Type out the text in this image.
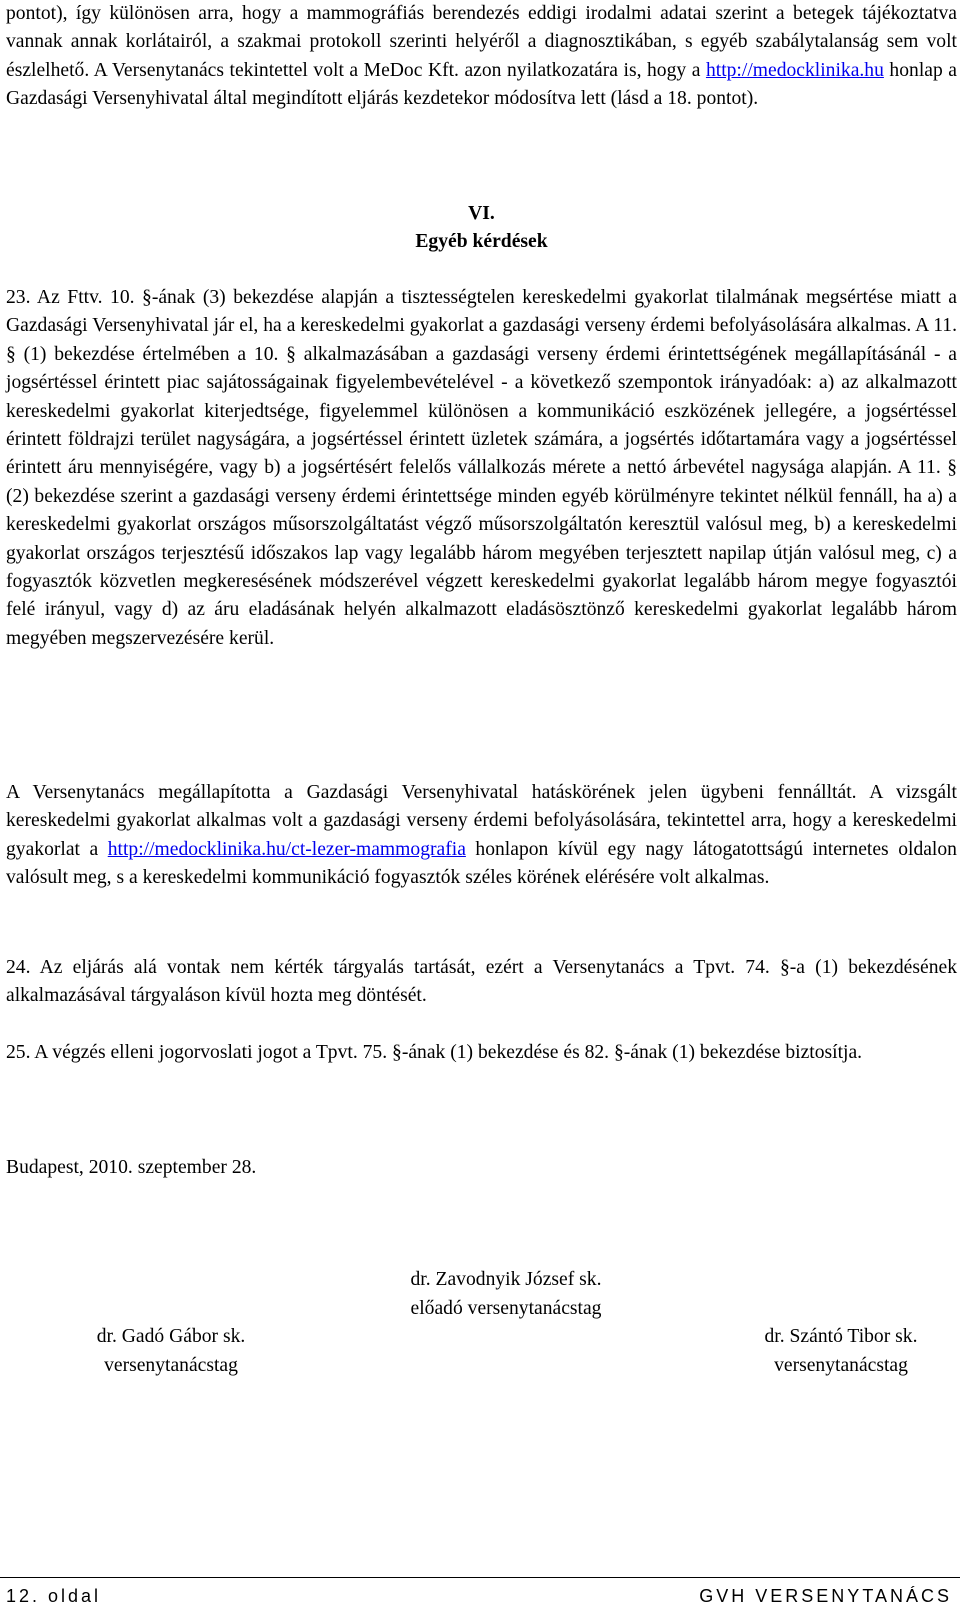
pontot), így különösen arra, hogy a mammográfiás berendezés eddigi irodalmi adatai szerint a betegek tájékoztatva vannak annak korlátairól, a szakmai protokoll szerinti helyéről a diagnosztikában, s egyéb szabálytalanság sem volt észlelhető. A Versenytanács tekintettel volt a MeDoc Kft. azon nyilatkozatára is, hogy a http://medocklinika.hu honlap a Gazdasági Versenyhivatal által megindított eljárás kezdetekor módosítva lett (lásd a 18. pontot).

VI.
Egyéb kérdések

23. Az Fttv. 10. §-ának (3) bekezdése alapján a tisztességtelen kereskedelmi gyakorlat tilalmának megsértése miatt a Gazdasági Versenyhivatal jár el, ha a kereskedelmi gyakorlat a gazdasági verseny érdemi befolyásolására alkalmas. A 11. § (1) bekezdése értelmében a 10. § alkalmazásában a gazdasági verseny érdemi érintettségének megállapításánál - a jogsértéssel érintett piac sajátosságainak figyelembevételével - a következő szempontok irányadóak: a) az alkalmazott kereskedelmi gyakorlat kiterjedtsége, figyelemmel különösen a kommunikáció eszközének jellegére, a jogsértéssel érintett földrajzi terület nagyságára, a jogsértéssel érintett üzletek számára, a jogsértés időtartamára vagy a jogsértéssel érintett áru mennyiségére, vagy b) a jogsértésért felelős vállalkozás mérete a nettó árbevétel nagysága alapján. A 11. § (2) bekezdése szerint a gazdasági verseny érdemi érintettsége minden egyéb körülményre tekintet nélkül fennáll, ha a) a kereskedelmi gyakorlat országos műsorszolgáltatást végző műsorszolgáltatón keresztül valósul meg, b) a kereskedelmi gyakorlat országos terjesztésű időszakos lap vagy legalább három megyében terjesztett napilap útján valósul meg, c) a fogyasztók közvetlen megkeresésének módszerével végzett kereskedelmi gyakorlat legalább három megye fogyasztói felé irányul, vagy d) az áru eladásának helyén alkalmazott eladásösztönző kereskedelmi gyakorlat legalább három megyében megszervezésére kerül.

A Versenytanács megállapította a Gazdasági Versenyhivatal hatáskörének jelen ügybeni fennálltát. A vizsgált kereskedelmi gyakorlat alkalmas volt a gazdasági verseny érdemi befolyásolására, tekintettel arra, hogy a kereskedelmi gyakorlat a http://medocklinika.hu/ct-lezer-mammografia honlapon kívül egy nagy látogatottságú internetes oldalon valósult meg, s a kereskedelmi kommunikáció fogyasztók széles körének elérésére volt alkalmas.

24. Az eljárás alá vontak nem kérték tárgyalás tartását, ezért a Versenytanács a Tpvt. 74. §-a (1) bekezdésének alkalmazásával tárgyaláson kívül hozta meg döntését.

25. A végzés elleni jogorvoslati jogot a Tpvt. 75. §-ának (1) bekezdése és 82. §-ának (1) bekezdése biztosítja.

Budapest, 2010. szeptember 28.
dr. Zavodnyik József sk.
előadó versenytanácstag
dr. Gadó Gábor sk.
versenytanácstag
dr. Szántó Tibor sk.
versenytanácstag
12. oldal	GVH VERSENYTANÁCS
